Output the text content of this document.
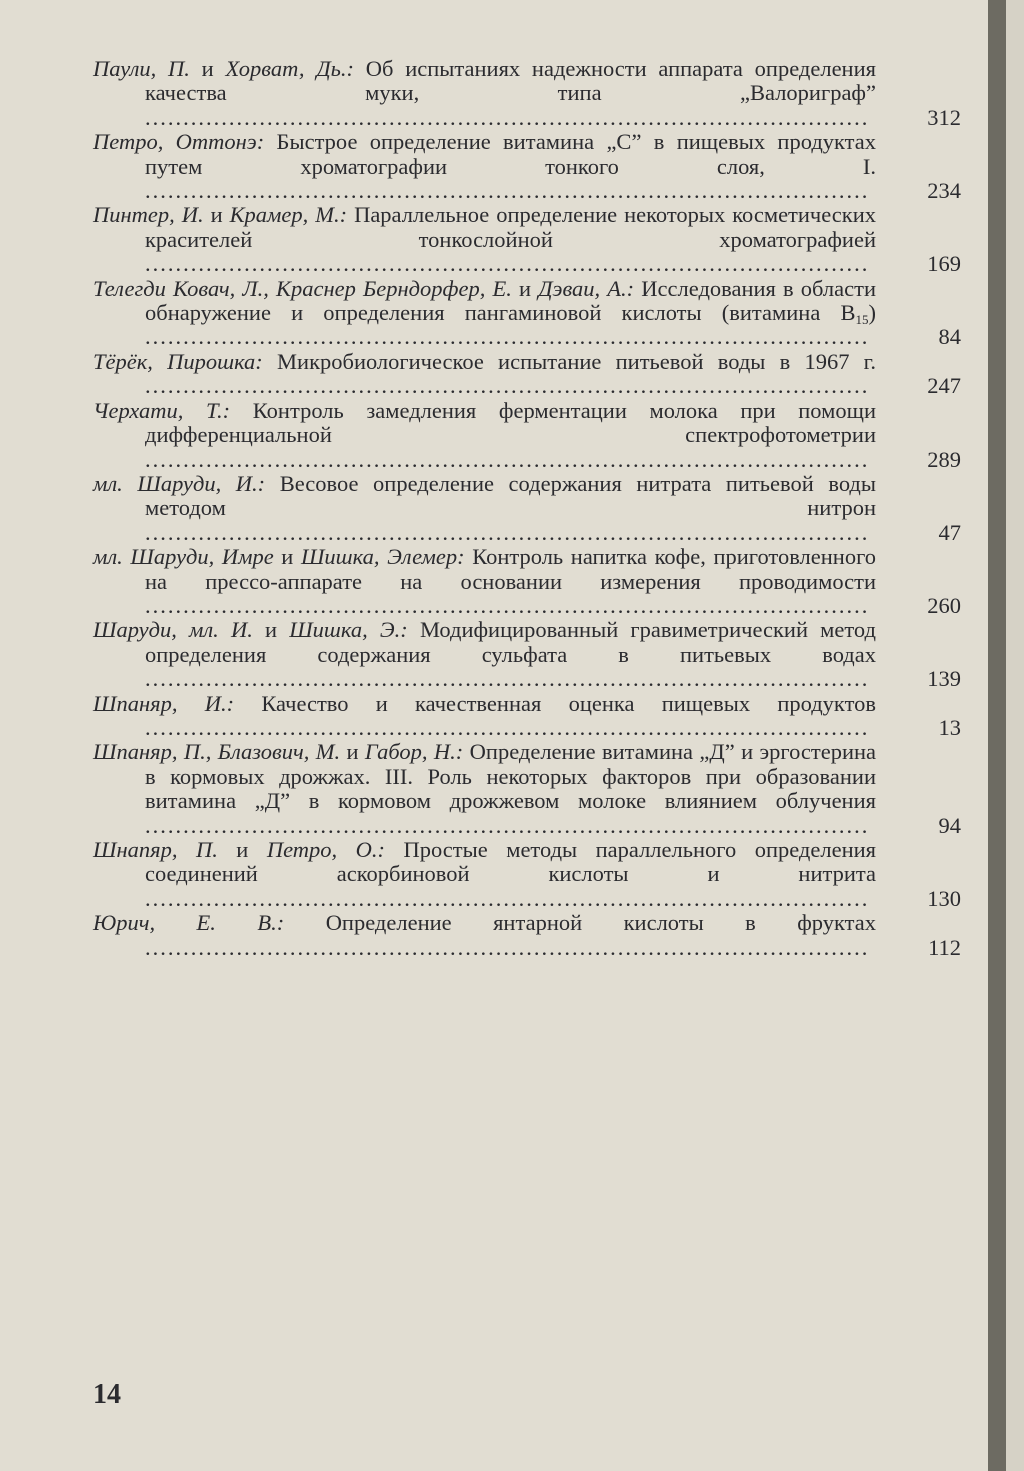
Паули, П. и Хорват, Дь.: Об испытаниях надежности аппарата определения качества муки, типа „Валориграф” ...............................................................................................	312
Петро, Оттонэ: Быстрое определение витамина „С” в пищевых продуктах путем хроматографии тонкого слоя, I. ...............................................................................................	234
Пинтер, И. и Крамер, М.: Параллельное определение некоторых косметических красителей тонкослойной хроматографией ...............................................................................................	169
Телегди Ковач, Л., Краснер Берндорфер, Е. и Дэваи, А.: Исследования в области обнаружение и определения пангаминовой кислоты (витамина $B_{15}$) ...............................................................................................	84
Тёрёк, Пирошка: Микробиологическое испытание питьевой воды в 1967 г. ...............................................................................................	247
Черхати, Т.: Контроль замедления ферментации молока при помощи дифференциальной спектрофотометрии ...............................................................................................	289
мл. Шаруди, И.: Весовое определение содержания нитрата питьевой воды методом нитрон ...............................................................................................	47
мл. Шаруди, Имре и Шишка, Элемер: Контроль напитка кофе, приготовленного на прессо-аппарате на основании измерения проводимости ...............................................................................................	260
Шаруди, мл. И. и Шишка, Э.: Модифицированный гравиметрический метод определения содержания сульфата в питьевых водах ...............................................................................................	139
Шпаняр, И.: Качество и качественная оценка пищевых продуктов ...............................................................................................	13
Шпаняр, П., Блазович, М. и Габор, Н.: Определение витамина „Д” и эргостерина в кормовых дрожжах. III. Роль некоторых факторов при образовании витамина „Д” в кормовом дрожжевом молоке влиянием облучения ...............................................................................................	94
Шнапяр, П. и Петро, О.: Простые методы параллельного определения соединений аскорбиновой кислоты и нитрита ...............................................................................................	130
Юрич, Е. В.: Определение янтарной кислоты в фруктах ...............................................................................................	112
14
